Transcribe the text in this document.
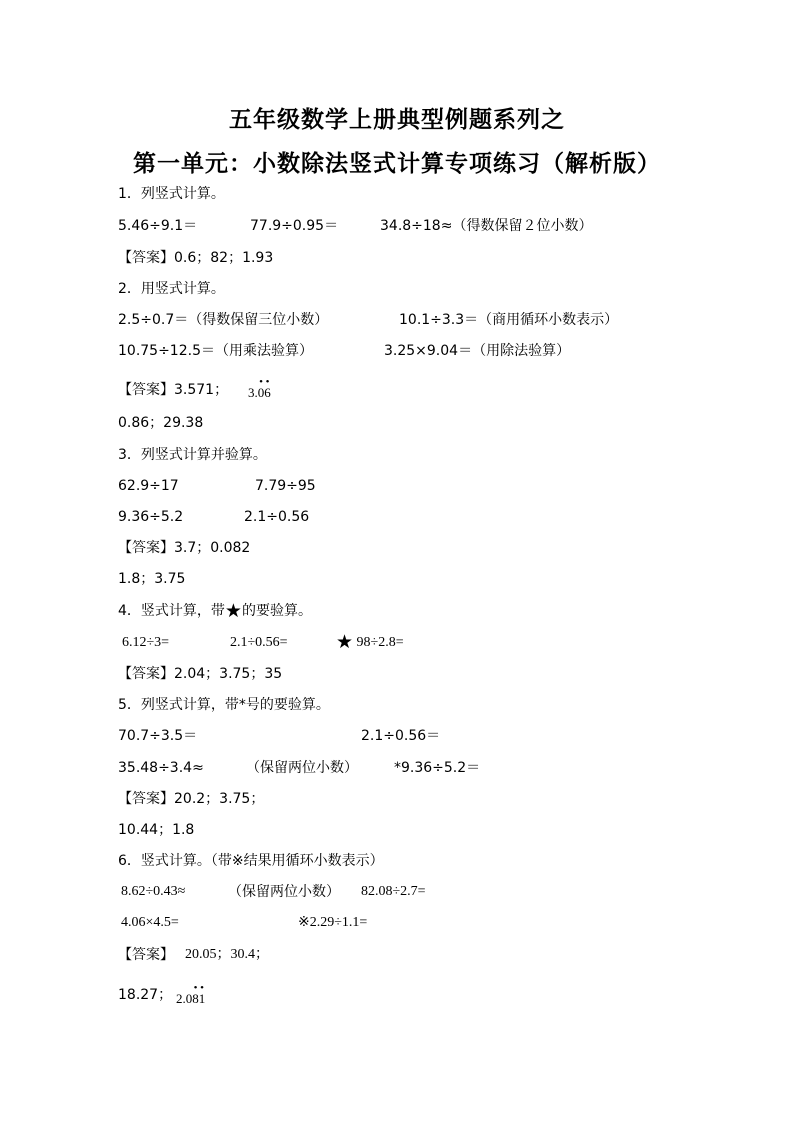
五年级数学上册典型例题系列之
第一单元：小数除法竖式计算专项练习（解析版）
1．列竖式计算。
5.46÷9.1＝	77.9÷0.95＝	34.8÷18≈（得数保留２位小数）
【答案】0.6；82；1.93
2．用竖式计算。
2.5÷0.7＝（得数保留三位小数）	10.1÷3.3＝（商用循环小数表示）
10.75÷12.5＝（用乘法验算）	3.25×9.04＝（用除法验算）
【答案】3.571； 3.0
•
6
•
0.86；29.38
3．列竖式计算并验算。
62.9÷17	7.79÷95
9.36÷5.2	2.1÷0.56
【答案】3.7；0.082
1.8；3.75
4．竖式计算，带★的要验算。
6.12÷3=	2.1÷0.56=	★ 98÷2.8=
【答案】2.04；3.75；35
5．列竖式计算，带*号的要验算。
70.7÷3.5＝	2.1÷0.56＝
35.48÷3.4≈	（保留两位小数）	*9.36÷5.2＝
【答案】20.2；3.75；
10.44；1.8
6．竖式计算。（带※结果用循环小数表示）
8.62÷0.43≈	（保留两位小数） 82.08÷2.7=
4.06×4.5=	※2.29÷1.1=
【答案】 20.05；30.4；
18.27； 2.08
•
1
•
